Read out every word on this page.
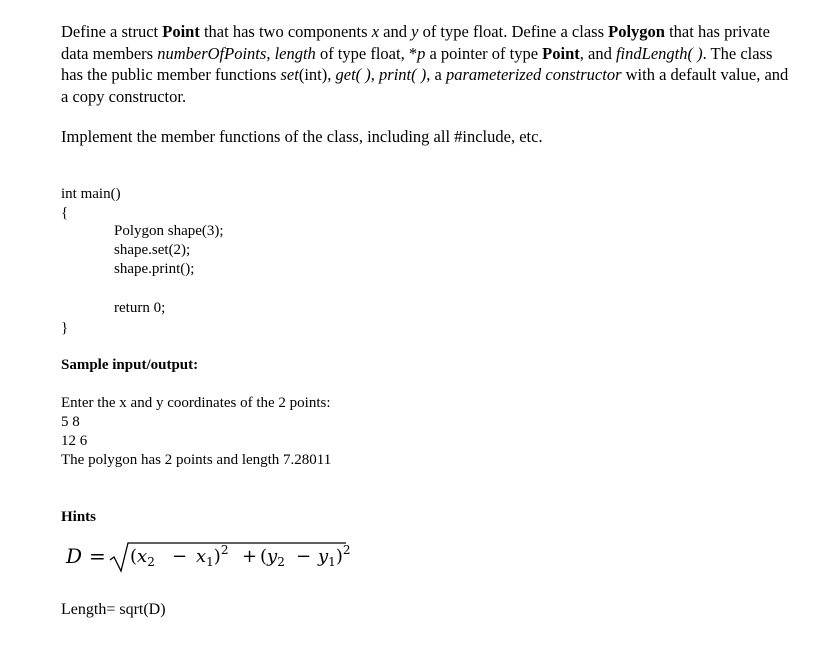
Define a struct Point that has two components x and y of type float. Define a class Polygon that has private data members numberOfPoints, length of type float, *p a pointer of type Point, and findLength( ). The class has the public member functions set(int), get( ), print( ), a parameterized constructor with a default value, and a copy constructor.

Implement the member functions of the class, including all #include, etc.

int main()
{
Polygon shape(3);
shape.set(2);
shape.print();
return 0;
}
Sample input/output:
Enter the x and y coordinates of the 2 points:
5 8
12 6
The polygon has 2 points and length 7.28011
Hints
$D = (x_2 - x_1)^2 + (y_2 - y_1)^2$
Length= sqrt(D)
